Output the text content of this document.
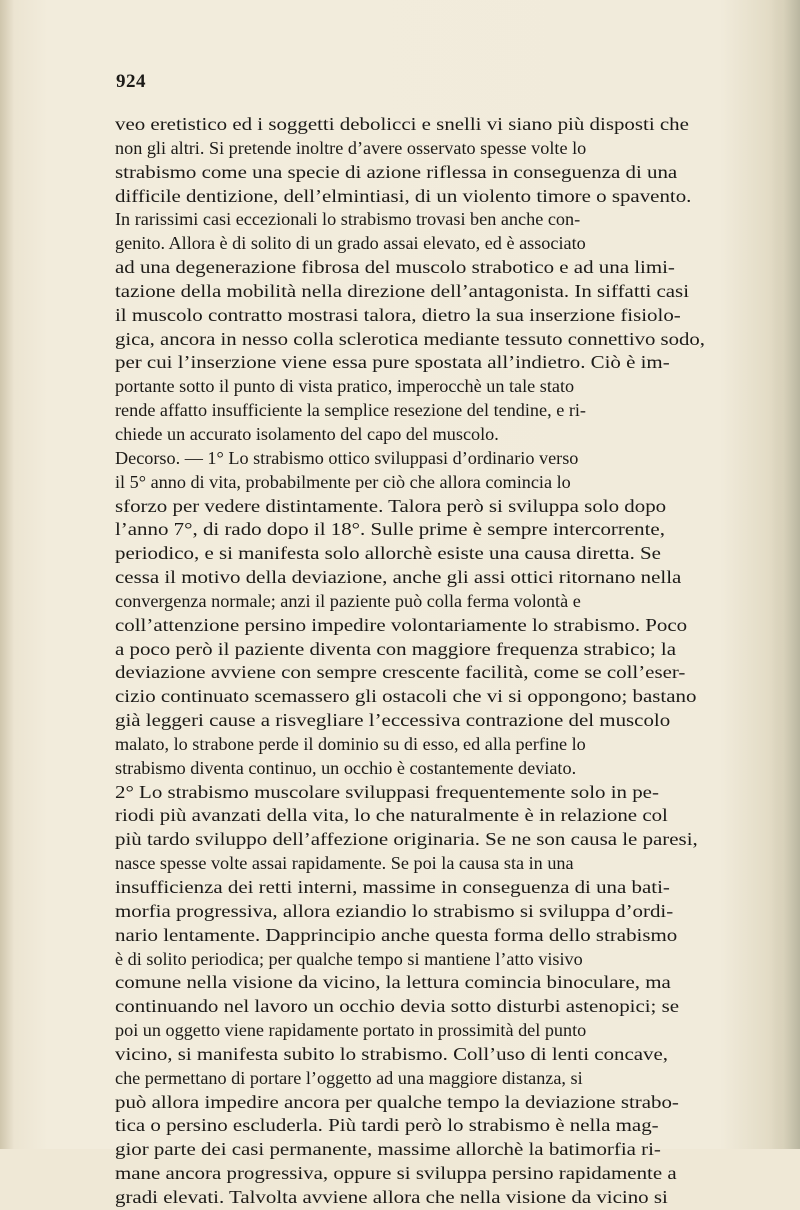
924
veo eretistico ed i soggetti debolicci e snelli vi siano più disposti che
non gli altri. Si pretende inoltre d’avere osservato spesse volte lo
strabismo come una specie di azione riflessa in conseguenza di una
difficile dentizione, dell’elmintiasi, di un violento timore o spavento.
In rarissimi casi eccezionali lo strabismo trovasi ben anche con-
genito. Allora è di solito di un grado assai elevato, ed è associato
ad una degenerazione fibrosa del muscolo strabotico e ad una limi-
tazione della mobilità nella direzione dell’antagonista. In siffatti casi
il muscolo contratto mostrasi talora, dietro la sua inserzione fisiolo-
gica, ancora in nesso colla sclerotica mediante tessuto connettivo sodo,
per cui l’inserzione viene essa pure spostata all’indietro. Ciò è im-
portante sotto il punto di vista pratico, imperocchè un tale stato
rende affatto insufficiente la semplice resezione del tendine, e ri-
chiede un accurato isolamento del capo del muscolo.
Decorso. — 1° Lo strabismo ottico sviluppasi d’ordinario verso
il 5° anno di vita, probabilmente per ciò che allora comincia lo
sforzo per vedere distintamente. Talora però si sviluppa solo dopo
l’anno 7°, di rado dopo il 18°. Sulle prime è sempre intercorrente,
periodico, e si manifesta solo allorchè esiste una causa diretta. Se
cessa il motivo della deviazione, anche gli assi ottici ritornano nella
convergenza normale; anzi il paziente può colla ferma volontà e
coll’attenzione persino impedire volontariamente lo strabismo. Poco
a poco però il paziente diventa con maggiore frequenza strabico; la
deviazione avviene con sempre crescente facilità, come se coll’eser-
cizio continuato scemassero gli ostacoli che vi si oppongono; bastano
già leggeri cause a risvegliare l’eccessiva contrazione del muscolo
malato, lo strabone perde il dominio su di esso, ed alla perfine lo
strabismo diventa continuo, un occhio è costantemente deviato.
2° Lo strabismo muscolare sviluppasi frequentemente solo in pe-
riodi più avanzati della vita, lo che naturalmente è in relazione col
più tardo sviluppo dell’affezione originaria. Se ne son causa le paresi,
nasce spesse volte assai rapidamente. Se poi la causa sta in una
insufficienza dei retti interni, massime in conseguenza di una bati-
morfia progressiva, allora eziandio lo strabismo si sviluppa d’ordi-
nario lentamente. Dapprincipio anche questa forma dello strabismo
è di solito periodica; per qualche tempo si mantiene l’atto visivo
comune nella visione da vicino, la lettura comincia binoculare, ma
continuando nel lavoro un occhio devia sotto disturbi astenopici; se
poi un oggetto viene rapidamente portato in prossimità del punto
vicino, si manifesta subito lo strabismo. Coll’uso di lenti concave,
che permettano di portare l’oggetto ad una maggiore distanza, si
può allora impedire ancora per qualche tempo la deviazione strabo-
tica o persino escluderla. Più tardi però lo strabismo è nella mag-
gior parte dei casi permanente, massime allorchè la batimorfia ri-
mane ancora progressiva, oppure si sviluppa persino rapidamente a
gradi elevati. Talvolta avviene allora che nella visione da vicino si
